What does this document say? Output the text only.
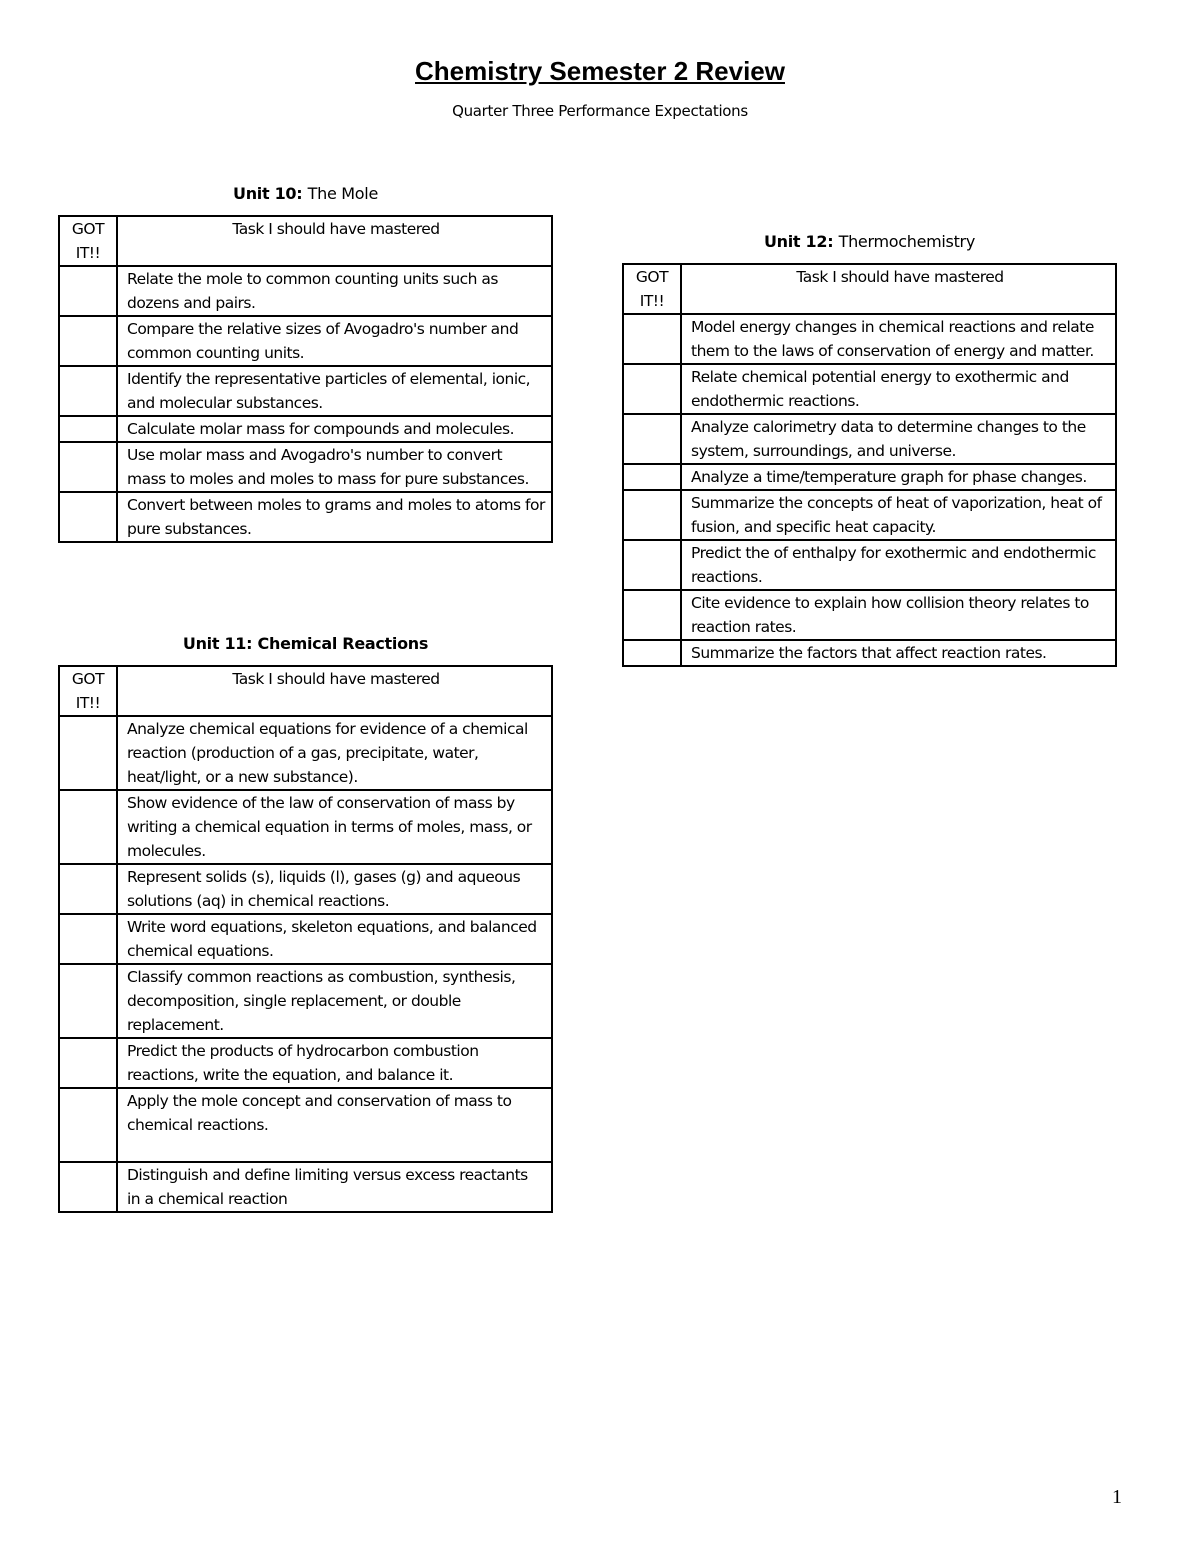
Chemistry Semester 2 Review

Quarter Three Performance Expectations

Unit 10: The Mole
GOT IT!!	Task I should have mastered
	Relate the mole to common counting units such as dozens and pairs.
	Compare the relative sizes of Avogadro's number and common counting units.
	Identify the representative particles of elemental, ionic, and molecular substances.
	Calculate molar mass for compounds and molecules.
	Use molar mass and Avogadro's number to convert mass to moles and moles to mass for pure substances.
	Convert between moles to grams and moles to atoms for pure substances.
Unit 11: Chemical Reactions
GOT IT!!	Task I should have mastered
	Analyze chemical equations for evidence of a chemical reaction (production of a gas, precipitate, water, heat/light, or a new substance).
	Show evidence of the law of conservation of mass by writing a chemical equation in terms of moles, mass, or molecules.
	Represent solids (s), liquids (l), gases (g) and aqueous solutions (aq) in chemical reactions.
	Write word equations, skeleton equations, and balanced chemical equations.
	Classify common reactions as combustion, synthesis, decomposition, single replacement, or double replacement.
	Predict the products of hydrocarbon combustion reactions, write the equation, and balance it.
	Apply the mole concept and conservation of mass to chemical reactions.
	Distinguish and define limiting versus excess reactants in a chemical reaction
Unit 12: Thermochemistry
GOT IT!!	Task I should have mastered
	Model energy changes in chemical reactions and relate them to the laws of conservation of energy and matter.
	Relate chemical potential energy to exothermic and endothermic reactions.
	Analyze calorimetry data to determine changes to the system, surroundings, and universe.
	Analyze a time/temperature graph for phase changes.
	Summarize the concepts of heat of vaporization, heat of fusion, and specific heat capacity.
	Predict the of enthalpy for exothermic and endothermic reactions.
	Cite evidence to explain how collision theory relates to reaction rates.
	Summarize the factors that affect reaction rates.
1
